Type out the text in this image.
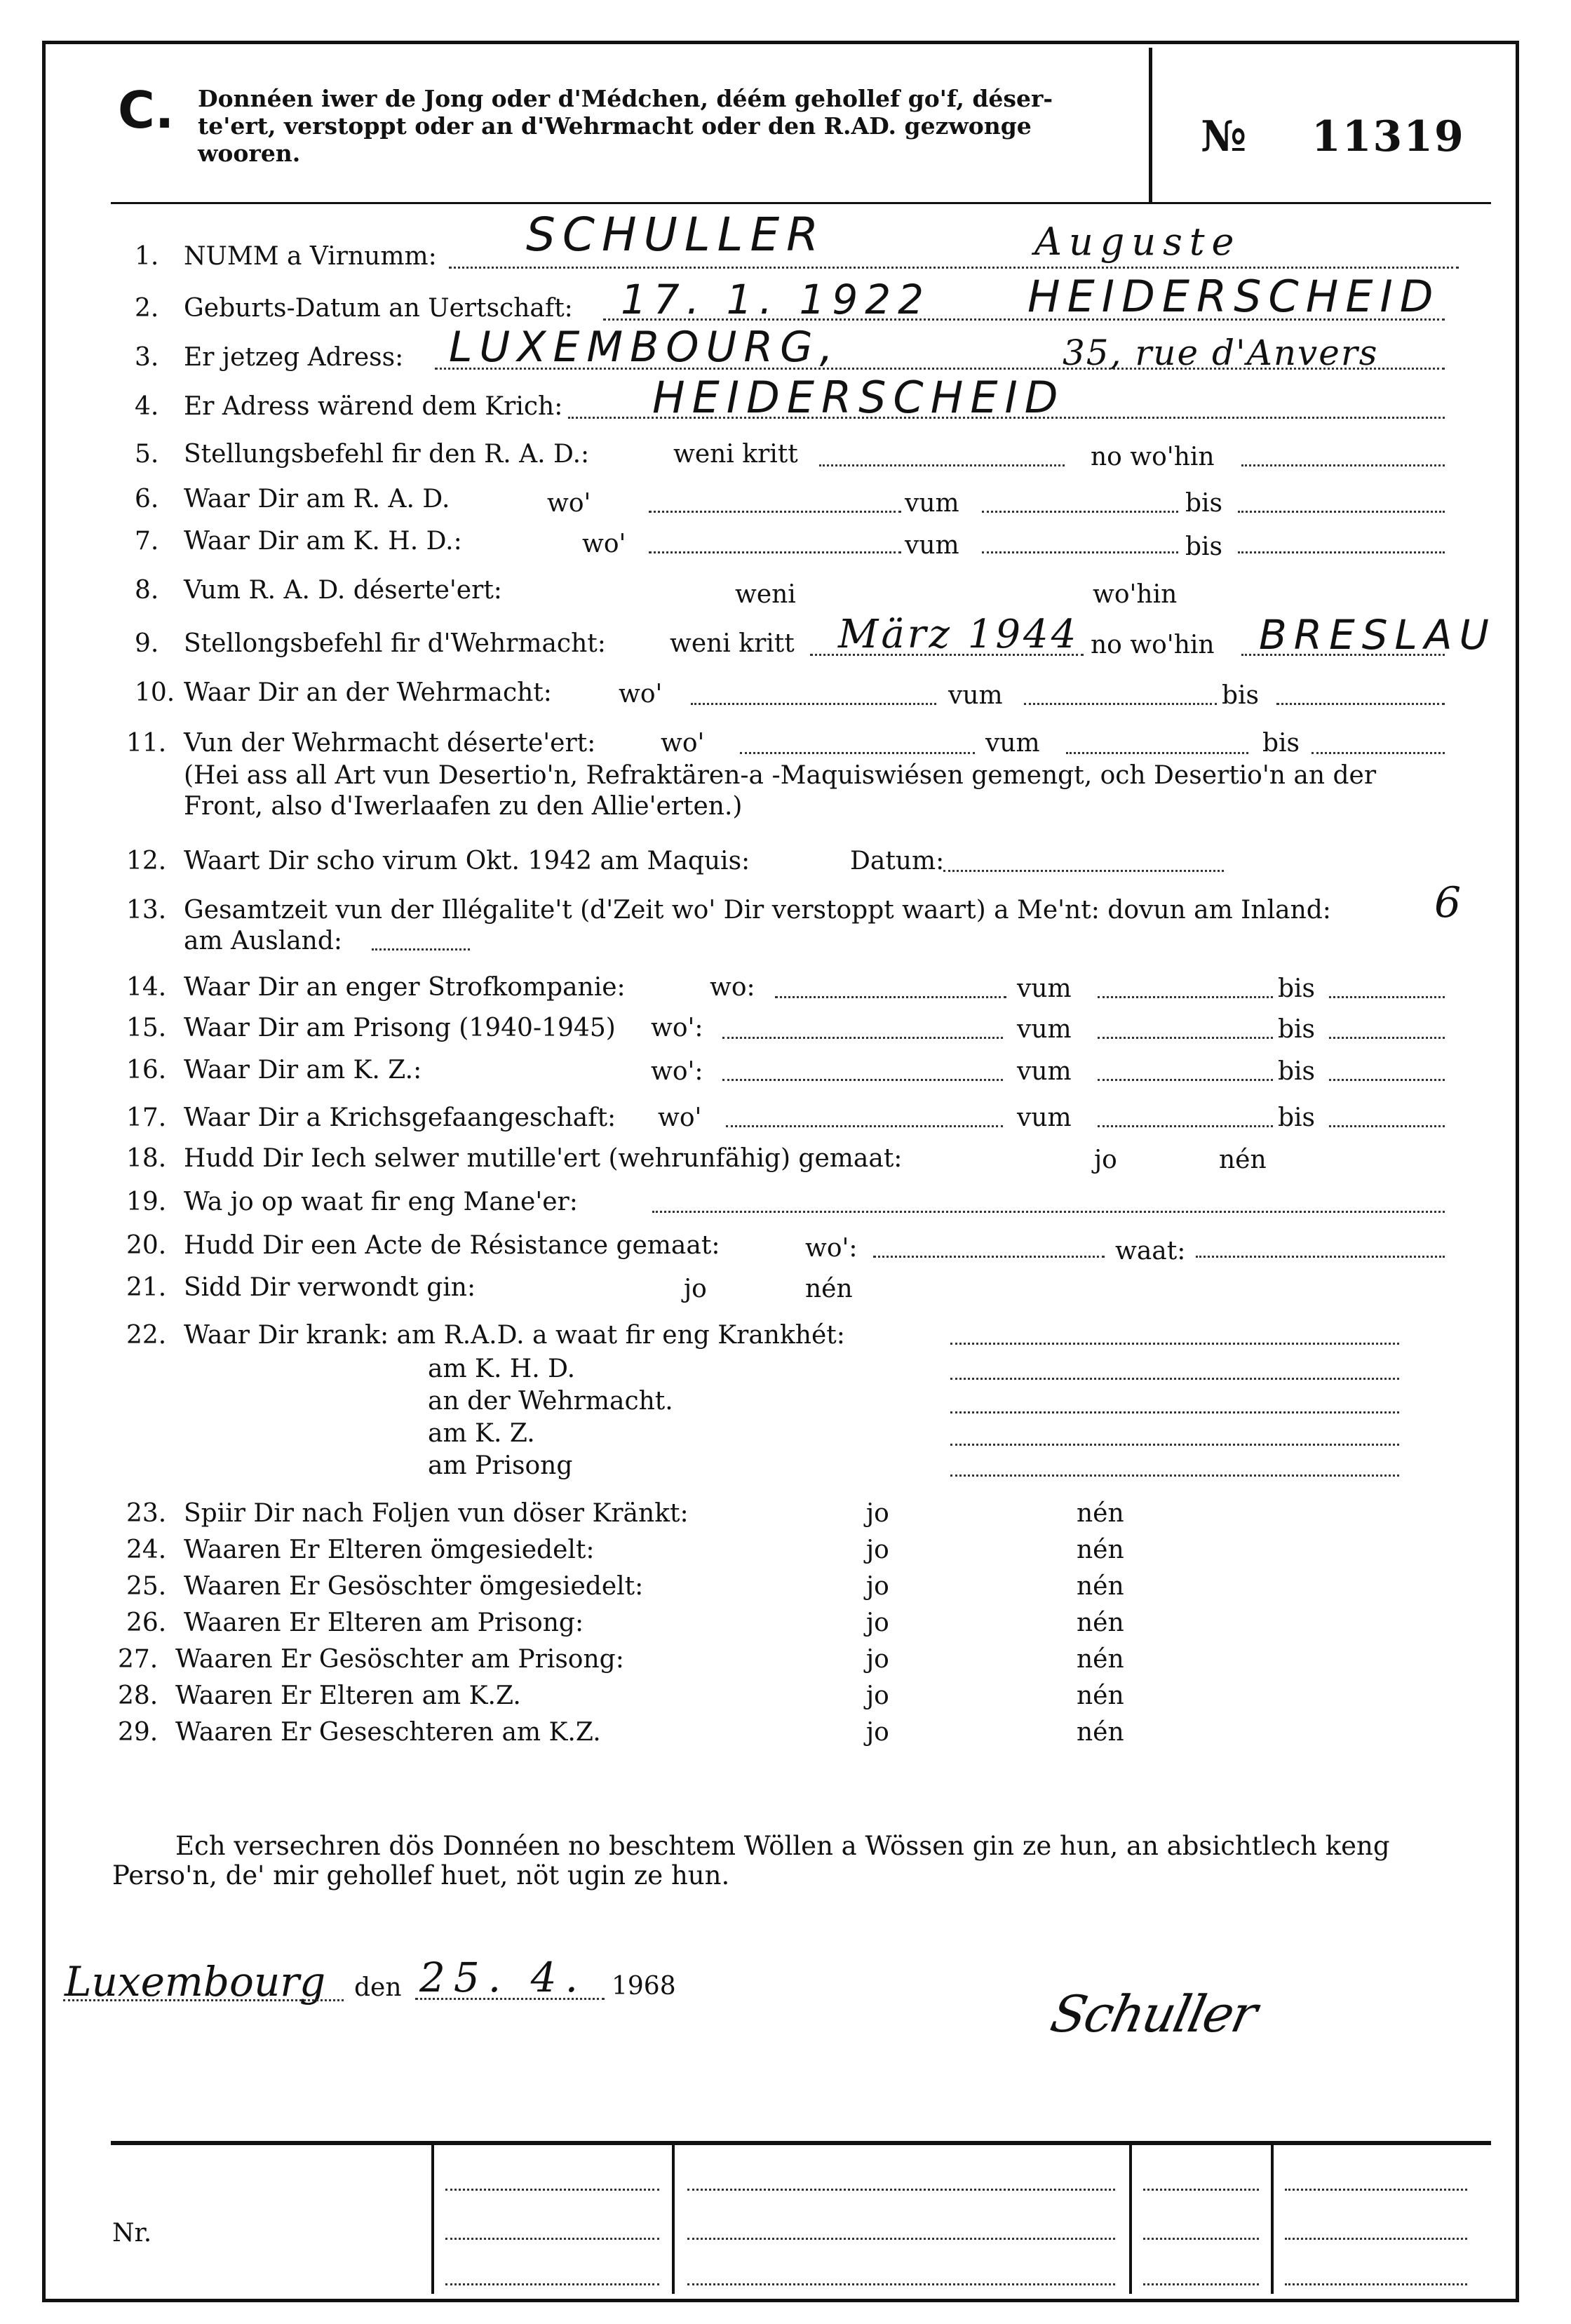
C. Donnéen iwer de Jong oder d'Médchen, déém gehollef go'f, déser-
te'ert, verstoppt oder an d'Wehrmacht oder den R.AD. gezwonge
wooren.	№ 11319
1. NUMM a Virnumm: SCHULLER	Auguste
2. Geburts-Datum an Uertschaft: 17. 1. 1922 HEIDERSCHEID
3. Er jetzeg Adress: LUXEMBOURG,	35, rue d'Anvers
4. Er Adress wärend dem Krich: HEIDERSCHEID
5. Stellungsbefehl fir den R. A. D.:	weni kritt	no wo'hin
6. Waar Dir am R. A. D.	wo'	vum	bis
7. Waar Dir am K. H. D.:	wo'	vum	bis
8. Vum R. A. D. déserte'ert:	weni	wo'hin
9. Stellongsbefehl fir d'Wehrmacht:	weni kritt März 1944 no wo'hin BRESLAU
10. Waar Dir an der Wehrmacht:	wo'	vum	bis
11. Vun der Wehrmacht déserte'ert:	wo'	vum	bis
(Hei ass all Art vun Desertio'n, Refraktären-a -Maquiswiésen gemengt, och Desertio'n an der
Front, also d'Iwerlaafen zu den Allie'erten.)
12. Waart Dir scho virum Okt. 1942 am Maquis:	Datum:
13. Gesamtzeit vun der Illégalite't (d'Zeit wo' Dir verstoppt waart) a Me'nt: dovun am Inland: 6
am Ausland:
14. Waar Dir an enger Strofkompanie:	wo:	vum	bis
15. Waar Dir am Prisong (1940-1945) wo':	vum	bis
16. Waar Dir am K. Z.:	wo':	vum	bis
17. Waar Dir a Krichsgefaangeschaft: wo'	vum	bis
18. Hudd Dir Iech selwer mutille'ert (wehrunfähig) gemaat:	jo	nén
19. Wa jo op waat fir eng Mane'er:
20. Hudd Dir een Acte de Résistance gemaat:	wo':	waat:
21. Sidd Dir verwondt gin:	jo	nén
22. Waar Dir krank: am R.A.D. a waat fir eng Krankhét:
am K. H. D.
an der Wehrmacht.
am K. Z.
am Prisong
23. Spiir Dir nach Foljen vun döser Kränkt:	jo	nén
24. Waaren Er Elteren ömgesiedelt:	jo	nén
25. Waaren Er Gesöschter ömgesiedelt:	jo	nén
26. Waaren Er Elteren am Prisong:	jo	nén
27. Waaren Er Gesöschter am Prisong:	jo	nén
28. Waaren Er Elteren am K.Z.	jo	nén
29. Waaren Er Geseschteren am K.Z.	jo	nén
Ech versechren dös Donnéen no beschtem Wöllen a Wössen gin ze hun, an absichtlech keng
Perso'n, de' mir gehollef huet, nöt ugin ze hun.
Luxembourg den 25. 4. 1968	Schuller
Nr.
